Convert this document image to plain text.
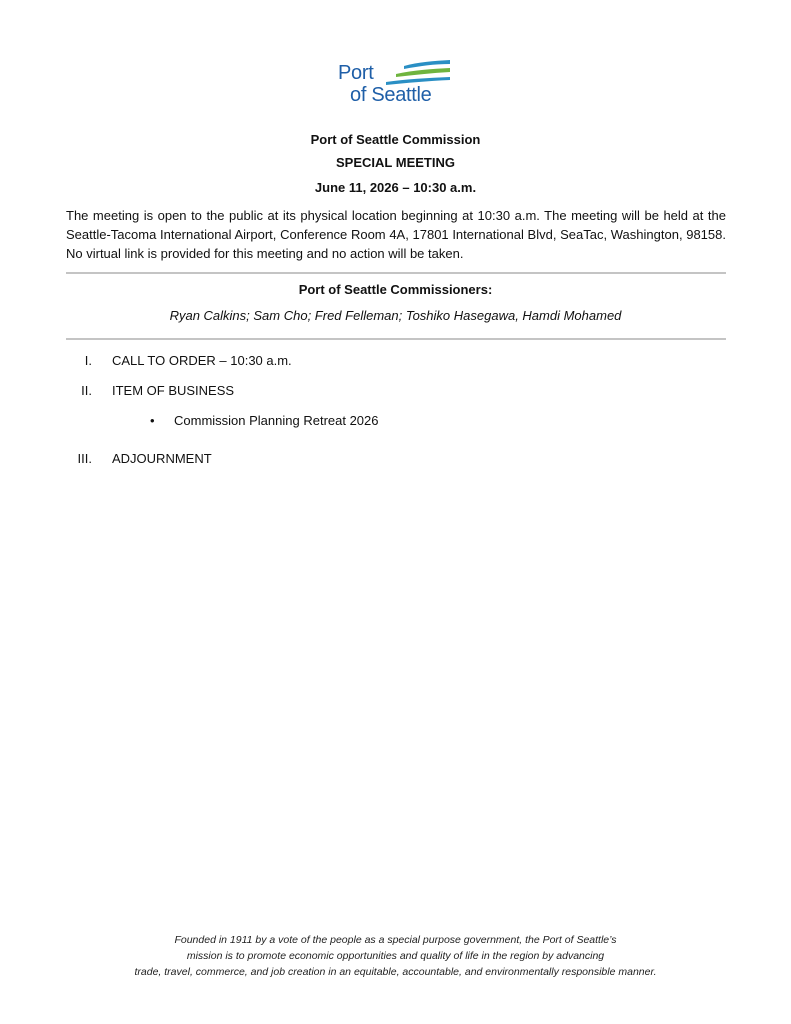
Port
of Seattle
Port of Seattle Commission
SPECIAL MEETING
June 11, 2026 – 10:30 a.m.
The meeting is open to the public at its physical location beginning at 10:30 a.m. The meeting will be held at the Seattle-Tacoma International Airport, Conference Room 4A, 17801 International Blvd, SeaTac, Washington, 98158. No virtual link is provided for this meeting and no action will be taken.
Port of Seattle Commissioners:
Ryan Calkins; Sam Cho; Fred Felleman; Toshiko Hasegawa, Hamdi Mohamed
I. CALL TO ORDER – 10:30 a.m.
II. ITEM OF BUSINESS
• Commission Planning Retreat 2026
III. ADJOURNMENT
Founded in 1911 by a vote of the people as a special purpose government, the Port of Seattle’s
mission is to promote economic opportunities and quality of life in the region by advancing
trade, travel, commerce, and job creation in an equitable, accountable, and environmentally responsible manner.
